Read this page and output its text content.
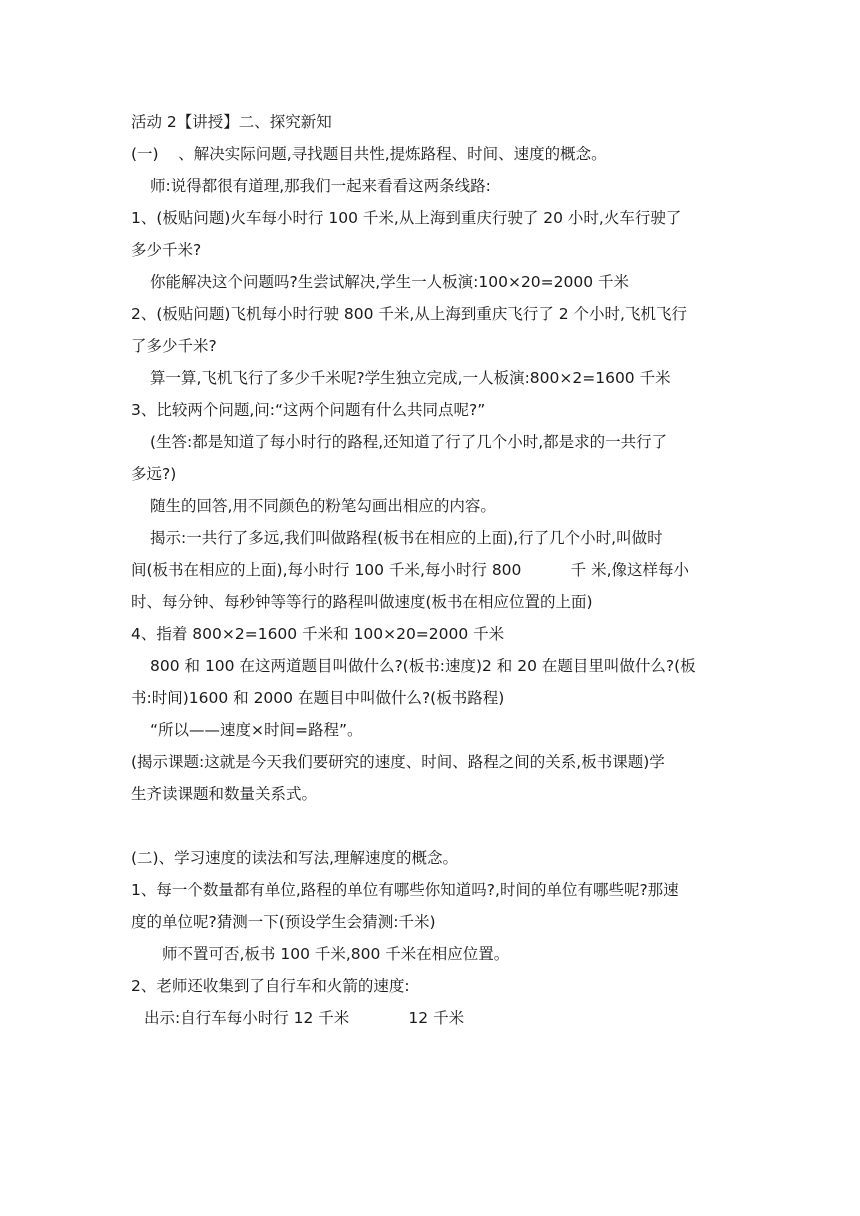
活动 2【讲授】二、探究新知

(一)    、解决实际问题,寻找题目共性,提炼路程、时间、速度的概念。

师:说得都很有道理,那我们一起来看看这两条线路:

1、(板贴问题)火车每小时行 100 千米,从上海到重庆行驶了 20 小时,火车行驶了

多少千米?

你能解决这个问题吗?生尝试解决,学生一人板演:100×20=2000 千米

2、(板贴问题)飞机每小时行驶 800 千米,从上海到重庆飞行了 2 个小时,飞机飞行

了多少千米?

算一算,飞机飞行了多少千米呢?学生独立完成,一人板演:800×2=1600 千米

3、比较两个问题,问:“这两个问题有什么共同点呢?”

(生答:都是知道了每小时行的路程,还知道了行了几个小时,都是求的一共行了

多远?)

随生的回答,用不同颜色的粉笔勾画出相应的内容。

揭示:一共行了多远,我们叫做路程(板书在相应的上面),行了几个小时,叫做时

间(板书在相应的上面),每小时行 100 千米,每小时行 800          千 米,像这样每小

时、每分钟、每秒钟等等行的路程叫做速度(板书在相应位置的上面)

4、指着 800×2=1600 千米和 100×20=2000 千米

800 和 100 在这两道题目叫做什么?(板书:速度)2 和 20 在题目里叫做什么?(板

书:时间)1600 和 2000 在题目中叫做什么?(板书路程)

“所以——速度×时间=路程”。

(揭示课题:这就是今天我们要研究的速度、时间、路程之间的关系,板书课题)学

生齐读课题和数量关系式。

(二)、学习速度的读法和写法,理解速度的概念。

1、每一个数量都有单位,路程的单位有哪些你知道吗?,时间的单位有哪些呢?那速

度的单位呢?猜测一下(预设学生会猜测:千米)

师不置可否,板书 100 千米,800 千米在相应位置。

2、老师还收集到了自行车和火箭的速度:

出示:自行车每小时行 12 千米            12 千米
